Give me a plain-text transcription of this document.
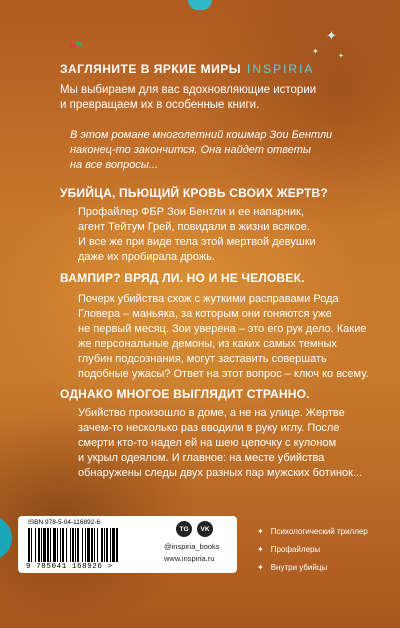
✦
✦	✦
ЗАГЛЯНИТЕ В ЯРКИЕ МИРЫ INSPIRIA
Мы выбираем для вас вдохновляющие истории
и превращаем их в особенные книги.
В этом романе многолетний кошмар Зои Бентли
наконец-то закончится. Она найдет ответы
на все вопросы...
УБИЙЦА, ПЬЮЩИЙ КРОВЬ СВОИХ ЖЕРТВ?
Профайлер ФБР Зои Бентли и ее напарник,
агент Тейтум Грей, повидали в жизни всякое.
И все же при виде тела этой мертвой девушки
даже их пробирала дрожь.
ВАМПИР? ВРЯД ЛИ. НО И НЕ ЧЕЛОВЕК.
Почерк убийства схож с жуткими расправами Рода
Гловера – маньяка, за которым они гоняются уже
не первый месяц. Зои уверена – это его рук дело. Какие
же персональные демоны, из каких самых темных
глубин подсознания, могут заставить совершать
подобные ужасы? Ответ на этот вопрос – ключ ко всему.
ОДНАКО МНОГОЕ ВЫГЛЯДИТ СТРАННО.
Убийство произошло в доме, а не на улице. Жертве
зачем-то несколько раз вводили в руку иглу. После
смерти кто-то надел ей на шею цепочку с кулоном
и укрыл одеялом. И главное: на месте убийства
обнаружены следы двух разных пар мужских ботинок...
ISBN 978-5-04-116892-6
9 785041 168926 >
TG	VK
@inspiria_books
www.inspiria.ru
✦ Психологический триллер
✦ Профайлеры
✦ Внутри убийцы
